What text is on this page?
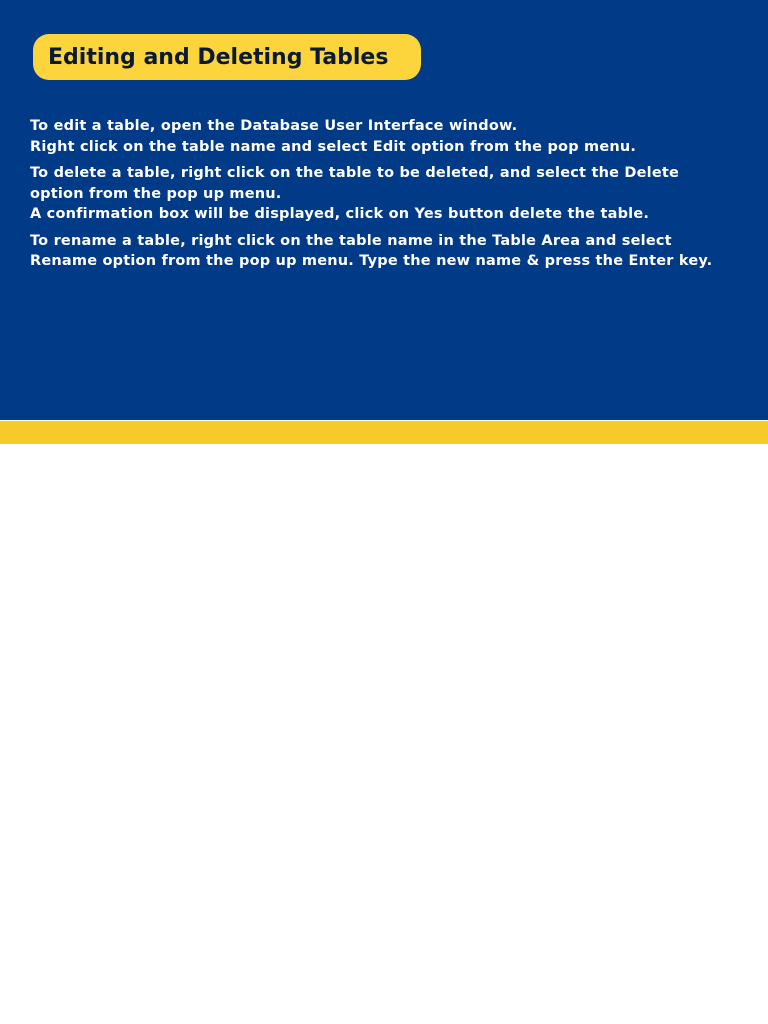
Editing and Deleting Tables
To edit a table, open the Database User Interface window.
Right click on the table name and select Edit option from the pop menu.
To delete a table, right click on the table to be deleted, and select the Delete
option from the pop up menu.
A confirmation box will be displayed, click on Yes button delete the table.
To rename a table, right click on the table name in the Table Area and select
Rename option from the pop up menu. Type the new name & press the Enter key.
